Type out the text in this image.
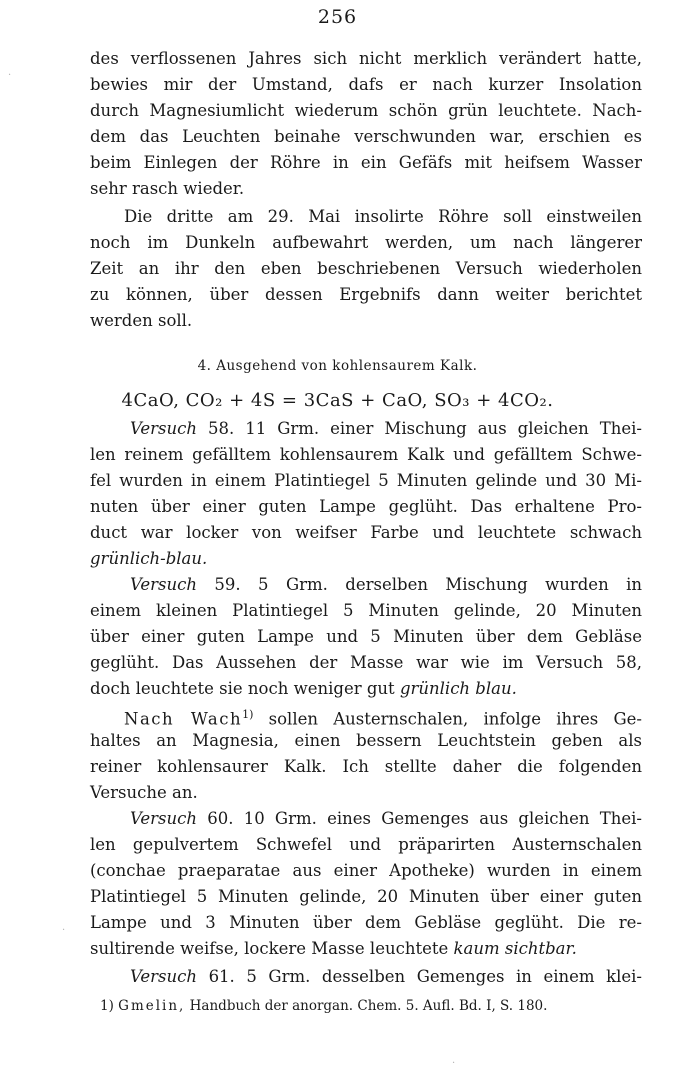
256
des verflossenen Jahres sich nicht merklich verändert hatte,
bewies mir der Umstand, dafs er nach kurzer Insolation
durch Magnesiumlicht wiederum schön grün leuchtete. Nach-
dem das Leuchten beinahe verschwunden war, erschien es
beim Einlegen der Röhre in ein Gefäfs mit heifsem Wasser
sehr rasch wieder.
Die dritte am 29. Mai insolirte Röhre soll einstweilen
noch im Dunkeln aufbewahrt werden, um nach längerer
Zeit an ihr den eben beschriebenen Versuch wiederholen
zu können, über dessen Ergebnifs dann weiter berichtet
werden soll.
4. Ausgehend von kohlensaurem Kalk.
4CaO, CO₂ + 4S = 3CaS + CaO, SO₃ + 4CO₂.
Versuch 58. 11 Grm. einer Mischung aus gleichen Thei-
len reinem gefälltem kohlensaurem Kalk und gefälltem Schwe-
fel wurden in einem Platintiegel 5 Minuten gelinde und 30 Mi-
nuten über einer guten Lampe geglüht. Das erhaltene Pro-
duct war locker von weifser Farbe und leuchtete schwach
grünlich-blau.
Versuch 59. 5 Grm. derselben Mischung wurden in
einem kleinen Platintiegel 5 Minuten gelinde, 20 Minuten
über einer guten Lampe und 5 Minuten über dem Gebläse
geglüht. Das Aussehen der Masse war wie im Versuch 58,
doch leuchtete sie noch weniger gut grünlich blau.
Nach Wach$^{1)}$ sollen Austernschalen, infolge ihres Ge-
haltes an Magnesia, einen bessern Leuchtstein geben als
reiner kohlensaurer Kalk. Ich stellte daher die folgenden
Versuche an.
Versuch 60. 10 Grm. eines Gemenges aus gleichen Thei-
len gepulvertem Schwefel und präparirten Austernschalen
(conchae praeparatae aus einer Apotheke) wurden in einem
Platintiegel 5 Minuten gelinde, 20 Minuten über einer guten
Lampe und 3 Minuten über dem Gebläse geglüht. Die re-
sultirende weifse, lockere Masse leuchtete kaum sichtbar.
Versuch 61. 5 Grm. desselben Gemenges in einem klei-
1) Gmelin, Handbuch der anorgan. Chem. 5. Aufl. Bd. I, S. 180.
·
·
·
